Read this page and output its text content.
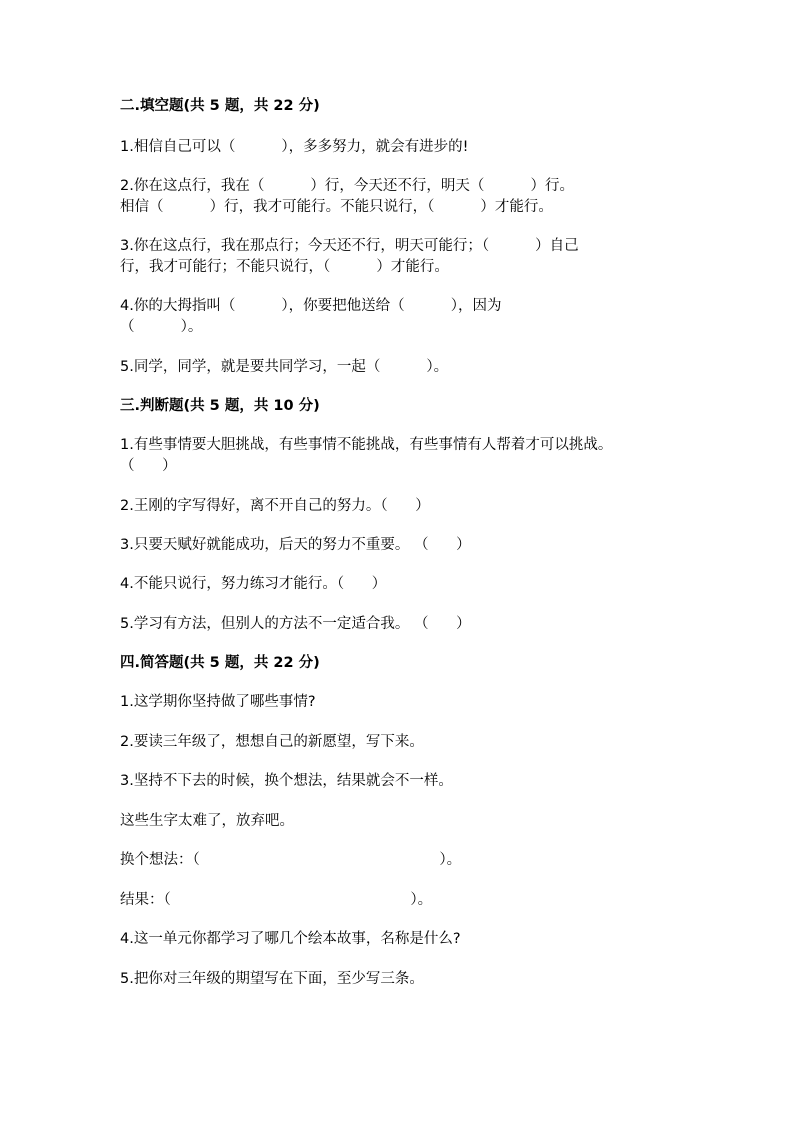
二.填空题(共 5 题，共 22 分)
1.相信自己可以（          ），多多努力，就会有进步的!
2.你在这点行，我在（          ）行，今天还不行，明天（          ）行。
相信（          ）行，我才可能行。不能只说行，（          ）才能行。
3.你在这点行，我在那点行；今天还不行，明天可能行；（          ）自己
行，我才可能行；不能只说行，（          ）才能行。
4.你的大拇指叫（          ），你要把他送给（          ），因为
（          ）。
5.同学，同学，就是要共同学习，一起（          ）。
三.判断题(共 5 题，共 10 分)
1.有些事情要大胆挑战，有些事情不能挑战，有些事情有人帮着才可以挑战。
（      ）
2.王刚的字写得好，离不开自己的努力。（      ）
3.只要天赋好就能成功，后天的努力不重要。 （      ）
4.不能只说行，努力练习才能行。（      ）
5.学习有方法，但别人的方法不一定适合我。 （      ）
四.简答题(共 5 题，共 22 分)
1.这学期你坚持做了哪些事情?
2.要读三年级了，想想自己的新愿望，写下来。
3.坚持不下去的时候，换个想法，结果就会不一样。
这些生字太难了，放弃吧。
换个想法：（                                                    ）。
结果：（                                                    ）。
4.这一单元你都学习了哪几个绘本故事，名称是什么?
5.把你对三年级的期望写在下面，至少写三条。
